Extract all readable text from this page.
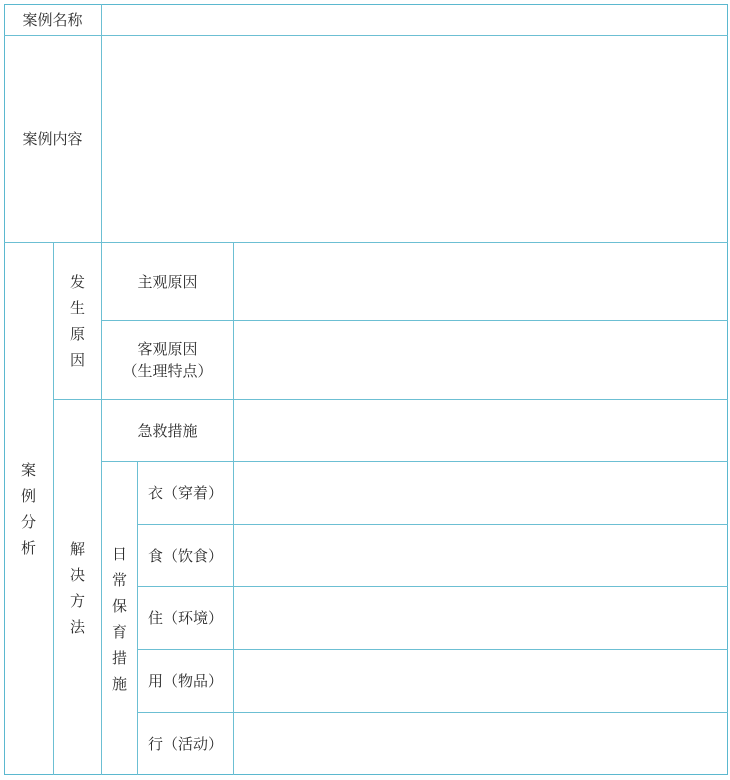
案例名称
案例内容
案
例
分
析
发
生
原
因
主观原因
客观原因
（生理特点）
解
决
方
法
急救措施
日
常
保
育
措
施
衣（穿着）
食（饮食）
住（环境）
用（物品）
行（活动）
